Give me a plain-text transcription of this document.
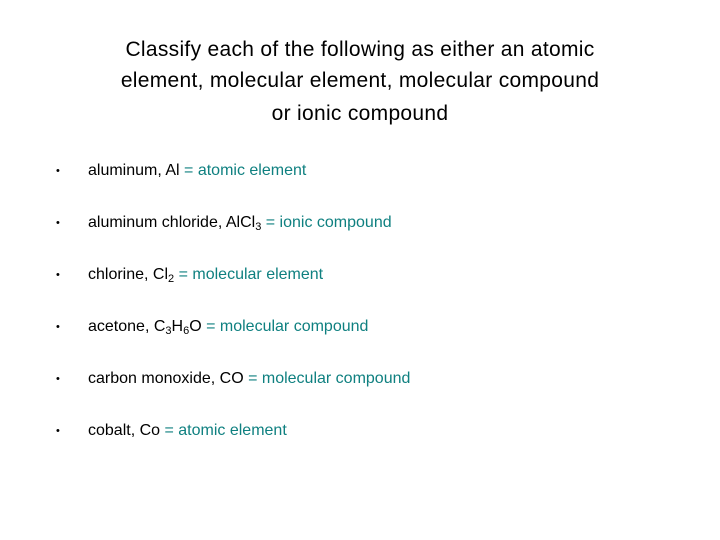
Classify each of the following as either an atomic
element, molecular element, molecular compound
or ionic compound
• aluminum, Al = atomic element
• aluminum chloride, AlCl$_3$ = ionic compound
• chlorine, $Cl_2$ = molecular element
• acetone, $C_3H_6O$ = molecular compound
• carbon monoxide, CO = molecular compound
• cobalt, Co = atomic element
